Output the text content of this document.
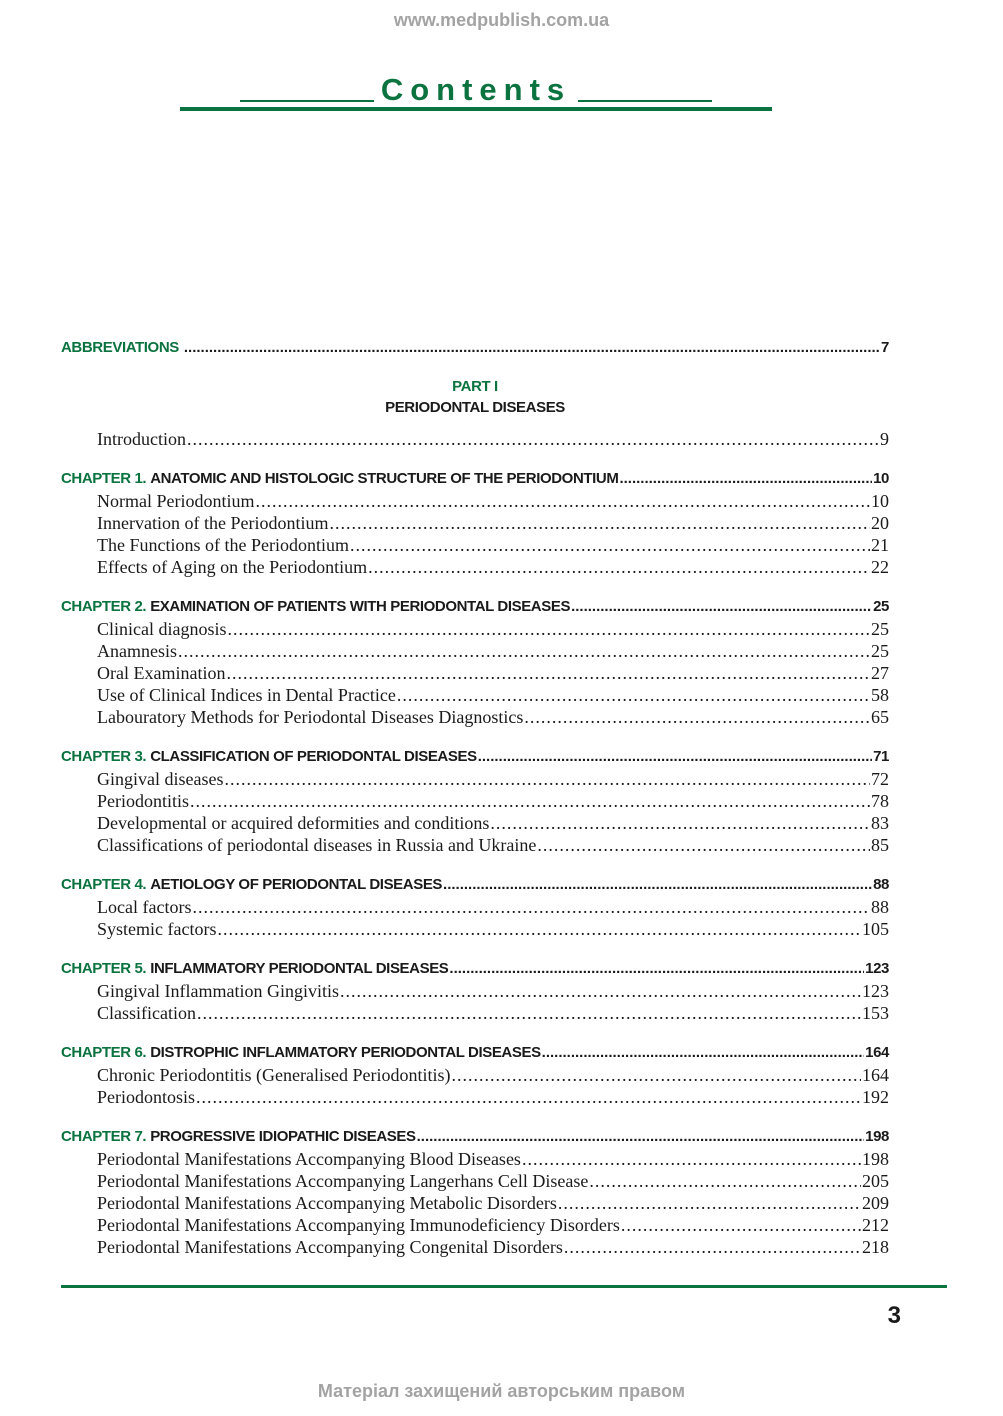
www.medpublish.com.ua
Contents
ABBREVIATIONS .....	7
PART I
PERIODONTAL DISEASES
Introduction .....	9
CHAPTER 1. ANATOMIC AND HISTOLOGIC STRUCTURE OF THE PERIODONTIUM .....	10
Normal Periodontium .....	10
Innervation of the Periodontium .....	20
The Functions of the Periodontium .....	21
Effects of Aging on the Periodontium .....	22
CHAPTER 2. EXAMINATION OF PATIENTS WITH PERIODONTAL DISEASES .....	25
Clinical diagnosis .....	25
Anamnesis .....	25
Oral Examination .....	27
Use of Clinical Indices in Dental Practice .....	58
Labouratory Methods for Periodontal Diseases Diagnostics .....	65
CHAPTER 3. CLASSIFICATION OF PERIODONTAL DISEASES .....	71
Gingival diseases .....	72
Periodontitis .....	78
Developmental or acquired deformities and conditions .....	83
Classifications of periodontal diseases in Russia and Ukraine .....	85
CHAPTER 4. AETIOLOGY OF PERIODONTAL DISEASES .....	88
Local factors .....	88
Systemic factors .....	105
CHAPTER 5. INFLAMMATORY PERIODONTAL DISEASES .....	123
Gingival Inflammation Gingivitis .....	123
Classification .....	153
CHAPTER 6. DISTROPHIC INFLAMMATORY PERIODONTAL DISEASES .....	164
Chronic Periodontitis (Generalised Periodontitis) .....	164
Periodontosis .....	192
CHAPTER 7. PROGRESSIVE IDIOPATHIC DISEASES .....	198
Periodontal Manifestations Accompanying Blood Diseases .....	198
Periodontal Manifestations Accompanying Langerhans Cell Disease .....	205
Periodontal Manifestations Accompanying Metabolic Disorders .....	209
Periodontal Manifestations Accompanying Immunodeficiency Disorders .....	212
Periodontal Manifestations Accompanying Congenital Disorders .....	218
3
Матеріал захищений авторським правом
